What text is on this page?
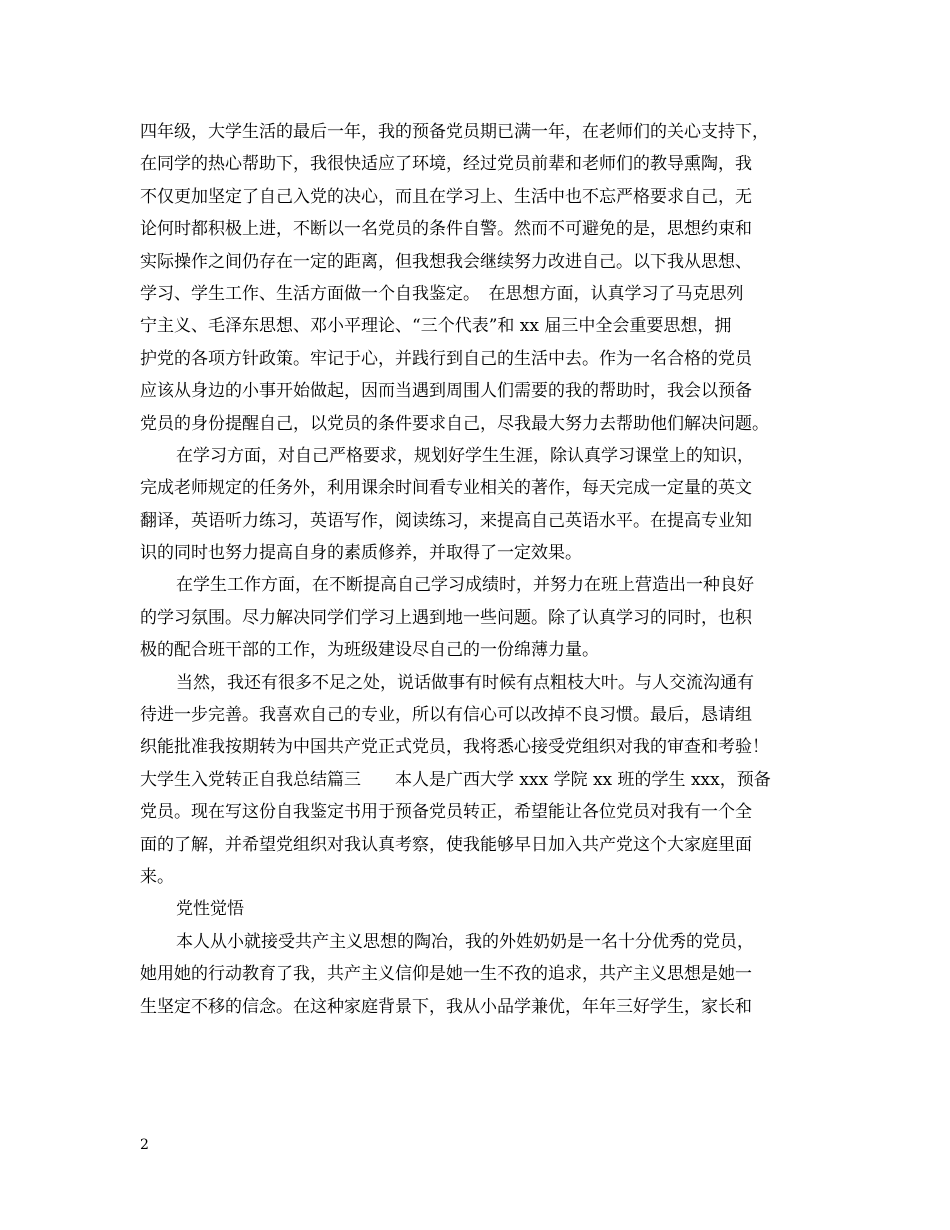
四年级，大学生活的最后一年，我的预备党员期已满一年，在老师们的关心支持下，
在同学的热心帮助下，我很快适应了环境，经过党员前辈和老师们的教导熏陶，我
不仅更加坚定了自己入党的决心，而且在学习上、生活中也不忘严格要求自己，无
论何时都积极上进，不断以一名党员的条件自警。然而不可避免的是，思想约束和
实际操作之间仍存在一定的距离，但我想我会继续努力改进自己。以下我从思想、
学习、学生工作、生活方面做一个自我鉴定。　在思想方面，认真学习了马克思列
宁主义、毛泽东思想、邓小平理论、“三个代表”和 xx 届三中全会重要思想，拥
护党的各项方针政策。牢记于心，并践行到自己的生活中去。作为一名合格的党员
应该从身边的小事开始做起，因而当遇到周围人们需要的我的帮助时，我会以预备
党员的身份提醒自己，以党员的条件要求自己，尽我最大努力去帮助他们解决问题。
在学习方面，对自己严格要求，规划好学生生涯，除认真学习课堂上的知识，
完成老师规定的任务外，利用课余时间看专业相关的著作，每天完成一定量的英文
翻译，英语听力练习，英语写作，阅读练习，来提高自己英语水平。在提高专业知
识的同时也努力提高自身的素质修养，并取得了一定效果。
在学生工作方面，在不断提高自己学习成绩时，并努力在班上营造出一种良好
的学习氛围。尽力解决同学们学习上遇到地一些问题。除了认真学习的同时，也积
极的配合班干部的工作，为班级建设尽自己的一份绵薄力量。
当然，我还有很多不足之处，说话做事有时候有点粗枝大叶。与人交流沟通有
待进一步完善。我喜欢自己的专业，所以有信心可以改掉不良习惯。最后，恳请组
织能批准我按期转为中国共产党正式党员，我将悉心接受党组织对我的审查和考验！
大学生入党转正自我总结篇三　　本人是广西大学 xxx 学院 xx 班的学生 xxx，预备
党员。现在写这份自我鉴定书用于预备党员转正，希望能让各位党员对我有一个全
面的了解，并希望党组织对我认真考察，使我能够早日加入共产党这个大家庭里面
来。
党性觉悟
本人从小就接受共产主义思想的陶冶，我的外姓奶奶是一名十分优秀的党员，
她用她的行动教育了我，共产主义信仰是她一生不孜的追求，共产主义思想是她一
生坚定不移的信念。在这种家庭背景下，我从小品学兼优，年年三好学生，家长和
2
